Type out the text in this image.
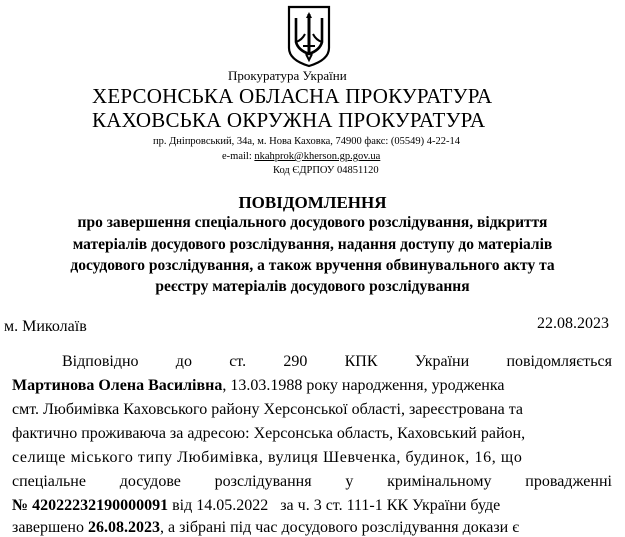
Прокуратура України
ХЕРСОНСЬКА ОБЛАСНА ПРОКУРАТУРА
КАХОВСЬКА ОКРУЖНА ПРОКУРАТУРА
пр. Дніпровський, 34а, м. Нова Каховка, 74900 факс: (05549) 4-22-14
e-mail: nkahprok@kherson.gp.gov.ua
Код ЄДРПОУ 04851120
ПОВІДОМЛЕННЯ
про завершення спеціального досудового розслідування, відкриття
матеріалів досудового розслідування, надання доступу до матеріалів
досудового розслідування, а також вручення обвинувального акту та
реєстру матеріалів досудового розслідування
м. Миколаїв	22.08.2023
Відповідно до ст. 290 КПК України повідомляється
Мартинова Олена Василівна, 13.03.1988 року народження, уродженка
смт. Любимівка Каховського району Херсонської області, зареєстрована та
фактично проживаюча за адресою: Херсонська область, Каховський район,
селище міського типу Любимівка, вулиця Шевченка, будинок, 16, що
спеціальне досудове розслідування у кримінальному провадженні
№ 42022232190000091 від 14.05.2022   за ч. 3 ст. 111-1 КК України буде
завершено 26.08.2023, а зібрані під час досудового розслідування докази є
